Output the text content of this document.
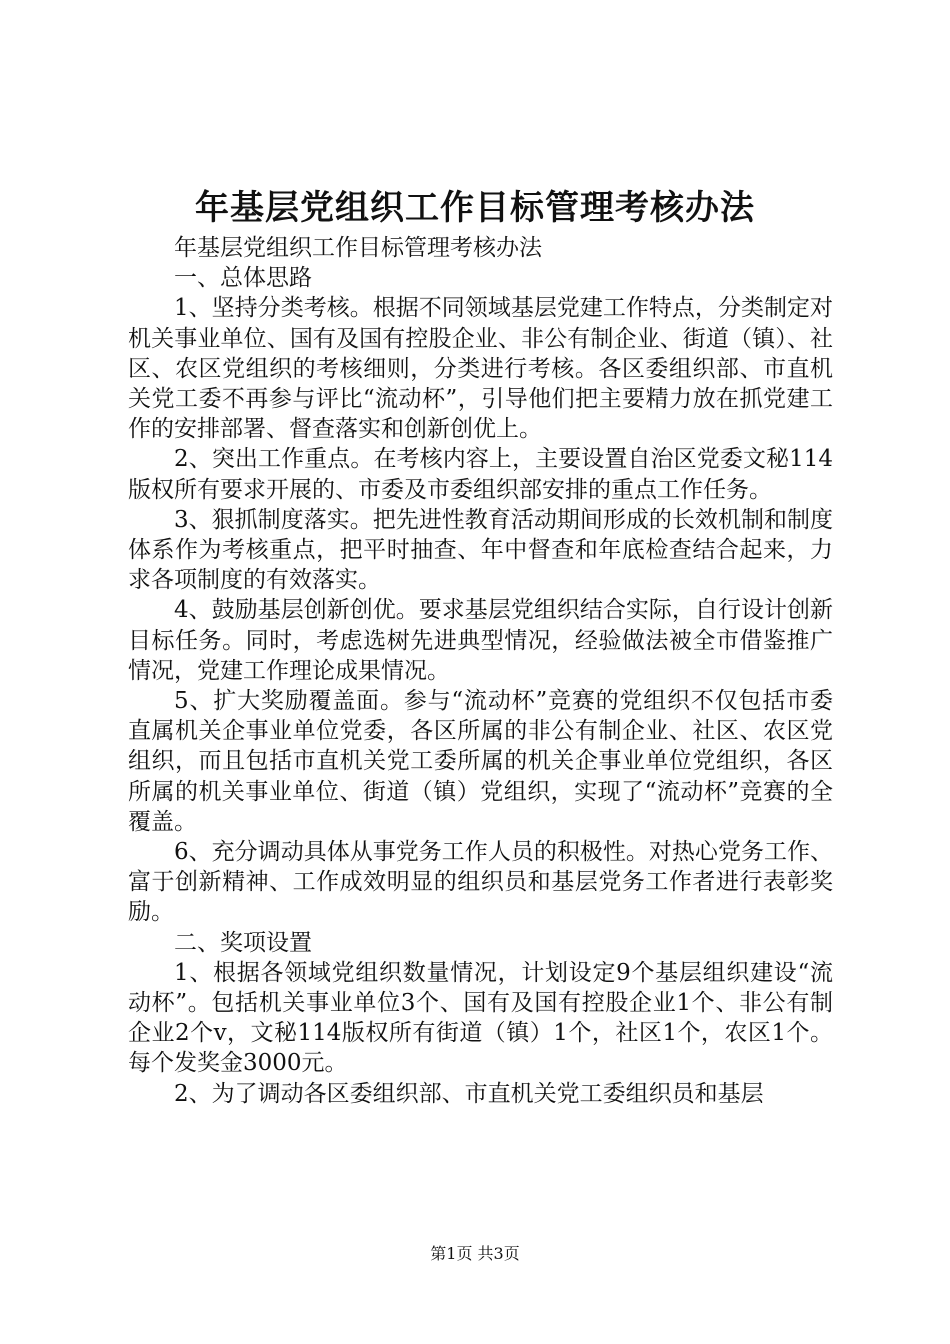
年基层党组织工作目标管理考核办法

年基层党组织工作目标管理考核办法

一、总体思路

1、坚持分类考核。根据不同领域基层党建工作特点，分类制定对机关事业单位、国有及国有控股企业、非公有制企业、街道（镇）、社区、农区党组织的考核细则，分类进行考核。各区委组织部、市直机关党工委不再参与评比“流动杯”，引导他们把主要精力放在抓党建工作的安排部署、督查落实和创新创优上。

2、突出工作重点。在考核内容上，主要设置自治区党委文秘114版权所有要求开展的、市委及市委组织部安排的重点工作任务。

3、狠抓制度落实。把先进性教育活动期间形成的长效机制和制度体系作为考核重点，把平时抽查、年中督查和年底检查结合起来，力求各项制度的有效落实。

4、鼓励基层创新创优。要求基层党组织结合实际，自行设计创新目标任务。同时，考虑选树先进典型情况，经验做法被全市借鉴推广情况，党建工作理论成果情况。

5、扩大奖励覆盖面。参与“流动杯”竞赛的党组织不仅包括市委直属机关企事业单位党委，各区所属的非公有制企业、社区、农区党组织，而且包括市直机关党工委所属的机关企事业单位党组织，各区所属的机关事业单位、街道（镇）党组织，实现了“流动杯”竞赛的全覆盖。

6、充分调动具体从事党务工作人员的积极性。对热心党务工作、富于创新精神、工作成效明显的组织员和基层党务工作者进行表彰奖励。

二、奖项设置

1、根据各领域党组织数量情况，计划设定9个基层组织建设“流动杯”。包括机关事业单位3个、国有及国有控股企业1个、非公有制企业2个v，文秘114版权所有街道（镇）1个，社区1个，农区1个。每个发奖金3000元。

2、为了调动各区委组织部、市直机关党工委组织员和基层

第1页 共3页
